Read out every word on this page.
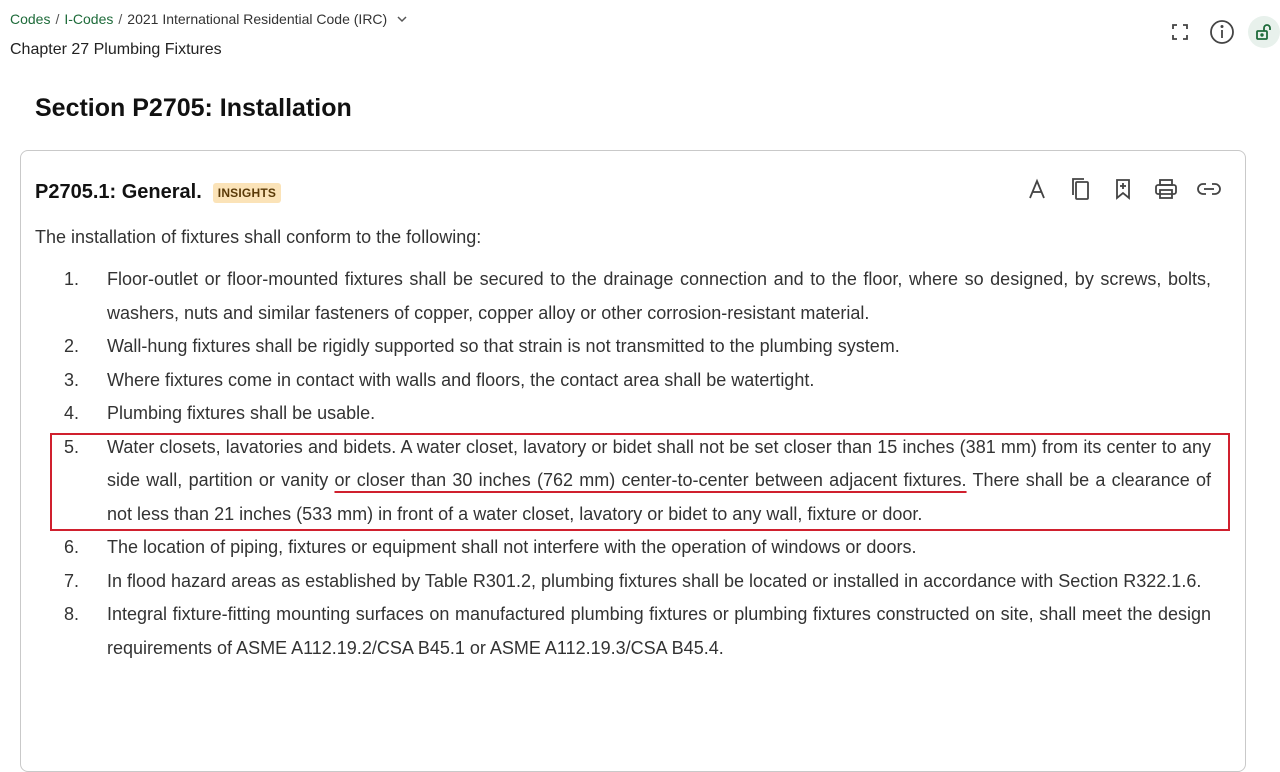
Codes / I-Codes / 2021 International Residential Code (IRC)
Chapter 27 Plumbing Fixtures
Section P2705: Installation
P2705.1: General.	INSIGHTS
The installation of fixtures shall conform to the following:
1. Floor-outlet or floor-mounted fixtures shall be secured to the drainage connection and to the floor, where so designed, by screws, bolts, washers, nuts and similar fasteners of copper, copper alloy or other corrosion-resistant material.
2. Wall-hung fixtures shall be rigidly supported so that strain is not transmitted to the plumbing system.
3. Where fixtures come in contact with walls and floors, the contact area shall be watertight.
4. Plumbing fixtures shall be usable.
5. Water closets, lavatories and bidets. A water closet, lavatory or bidet shall not be set closer than 15 inches (381 mm) from its center to any side wall, partition or vanity or closer than 30 inches (762 mm) center-to-center between adjacent fixtures. There shall be a clearance of not less than 21 inches (533 mm) in front of a water closet, lavatory or bidet to any wall, fixture or door.
6. The location of piping, fixtures or equipment shall not interfere with the operation of windows or doors.
7. In flood hazard areas as established by Table R301.2, plumbing fixtures shall be located or installed in accordance with Section R322.1.6.
8. Integral fixture-fitting mounting surfaces on manufactured plumbing fixtures or plumbing fixtures constructed on site, shall meet the design requirements of ASME A112.19.2/CSA B45.1 or ASME A112.19.3/CSA B45.4.
